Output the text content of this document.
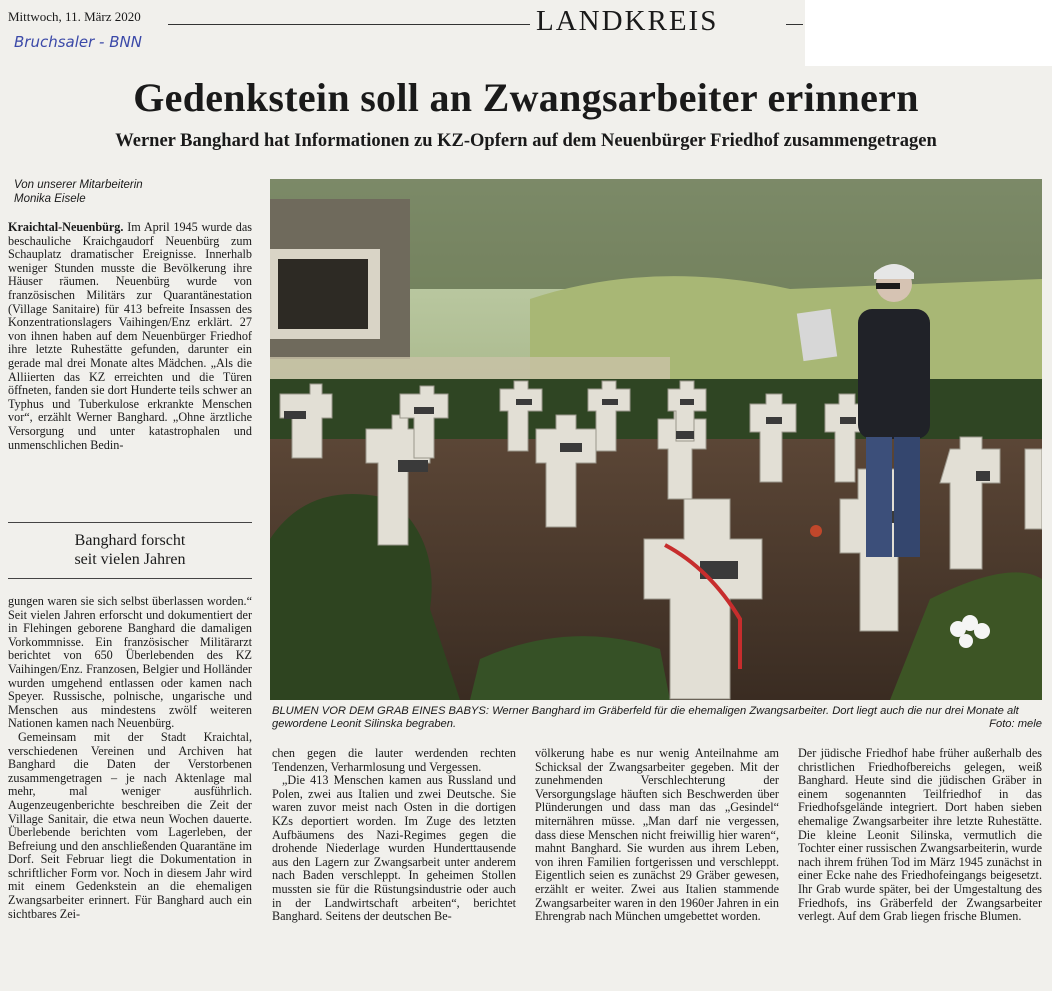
Mittwoch, 11. März 2020	LANDKREIS
Bruchsaler - BNN
Gedenkstein soll an Zwangsarbeiter erinnern
Werner Banghard hat Informationen zu KZ-Opfern auf dem Neuenbürger Friedhof zusammengetragen
Von unserer Mitarbeiterin
Monika Eisele

Kraichtal-Neuenbürg. Im April 1945 wurde das beschauliche Kraichgaudorf Neuenbürg zum Schauplatz dramatischer Ereignisse. Innerhalb weniger Stunden musste die Bevölkerung ihre Häuser räumen. Neuenbürg wurde von französischen Militärs zur Quarantänestation (Village Sanitaire) für 413 befreite Insassen des Konzentrationslagers Vaihingen/Enz erklärt. 27 von ihnen haben auf dem Neuenbürger Friedhof ihre letzte Ruhestätte gefunden, darunter ein gerade mal drei Monate altes Mädchen. „Als die Alliierten das KZ erreichten und die Türen öffneten, fanden sie dort Hunderte teils schwer an Typhus und Tuberkulose erkrankte Menschen vor“, erzählt Werner Banghard. „Ohne ärztliche Versorgung und unter katastrophalen und unmenschlichen Bedin-

Banghard forscht
seit vielen Jahren

gungen waren sie sich selbst überlassen worden.“ Seit vielen Jahren erforscht und dokumentiert der in Flehingen geborene Banghard die damaligen Vorkommnisse. Ein französischer Militärarzt berichtet von 650 Überlebenden des KZ Vaihingen/Enz. Franzosen, Belgier und Holländer wurden umgehend entlassen oder kamen nach Speyer. Russische, polnische, ungarische und Menschen aus mindestens zwölf weiteren Nationen kamen nach Neuenbürg.

Gemeinsam mit der Stadt Kraichtal, verschiedenen Vereinen und Archiven hat Banghard die Daten der Verstorbenen zusammengetragen – je nach Aktenlage mal mehr, mal weniger ausführlich. Augenzeugenberichte beschreiben die Zeit der Village Sanitair, die etwa neun Wochen dauerte. Überlebende berichten vom Lagerleben, der Befreiung und den anschließenden Quarantäne im Dorf. Seit Februar liegt die Dokumentation in schriftlicher Form vor. Noch in diesem Jahr wird mit einem Gedenkstein an die ehemaligen Zwangsarbeiter erinnert. Für Banghard auch ein sichtbares Zei-

BLUMEN VOR DEM GRAB EINES BABYS: Werner Banghard im Gräberfeld für die ehemaligen Zwangsarbeiter. Dort liegt auch die nur drei Monate alt gewordene Leonit Silinska begraben.	Foto: mele

chen gegen die lauter werdenden rechten Tendenzen, Verharmlosung und Vergessen.

„Die 413 Menschen kamen aus Russland und Polen, zwei aus Italien und zwei Deutsche. Sie waren zuvor meist nach Osten in die dortigen KZs deportiert worden. Im Zuge des letzten Aufbäumens des Nazi-Regimes gegen die drohende Niederlage wurden Hunderttausende aus den Lagern zur Zwangsarbeit unter anderem nach Baden verschleppt. In geheimen Stollen mussten sie für die Rüstungsindustrie oder auch in der Landwirtschaft arbeiten“, berichtet Banghard. Seitens der deutschen Be-

völkerung habe es nur wenig Anteilnahme am Schicksal der Zwangsarbeiter gegeben. Mit der zunehmenden Verschlechterung der Versorgungslage häuften sich Beschwerden über Plünderungen und dass man das „Gesindel“ miternähren müsse. „Man darf nie vergessen, dass diese Menschen nicht freiwillig hier waren“, mahnt Banghard. Sie wurden aus ihrem Leben, von ihren Familien fortgerissen und verschleppt. Eigentlich seien es zunächst 29 Gräber gewesen, erzählt er weiter. Zwei aus Italien stammende Zwangsarbeiter waren in den 1960er Jahren in ein Ehrengrab nach München umgebettet worden.

Der jüdische Friedhof habe früher außerhalb des christlichen Friedhofbereichs gelegen, weiß Banghard. Heute sind die jüdischen Gräber in einem sogenannten Teilfriedhof in das Friedhofsgelände integriert. Dort haben sieben ehemalige Zwangsarbeiter ihre letzte Ruhestätte. Die kleine Leonit Silinska, vermutlich die Tochter einer russischen Zwangsarbeiterin, wurde nach ihrem frühen Tod im März 1945 zunächst in einer Ecke nahe des Friedhofeingangs beigesetzt. Ihr Grab wurde später, bei der Umgestaltung des Friedhofs, ins Gräberfeld der Zwangsarbeiter verlegt. Auf dem Grab liegen frische Blumen.
